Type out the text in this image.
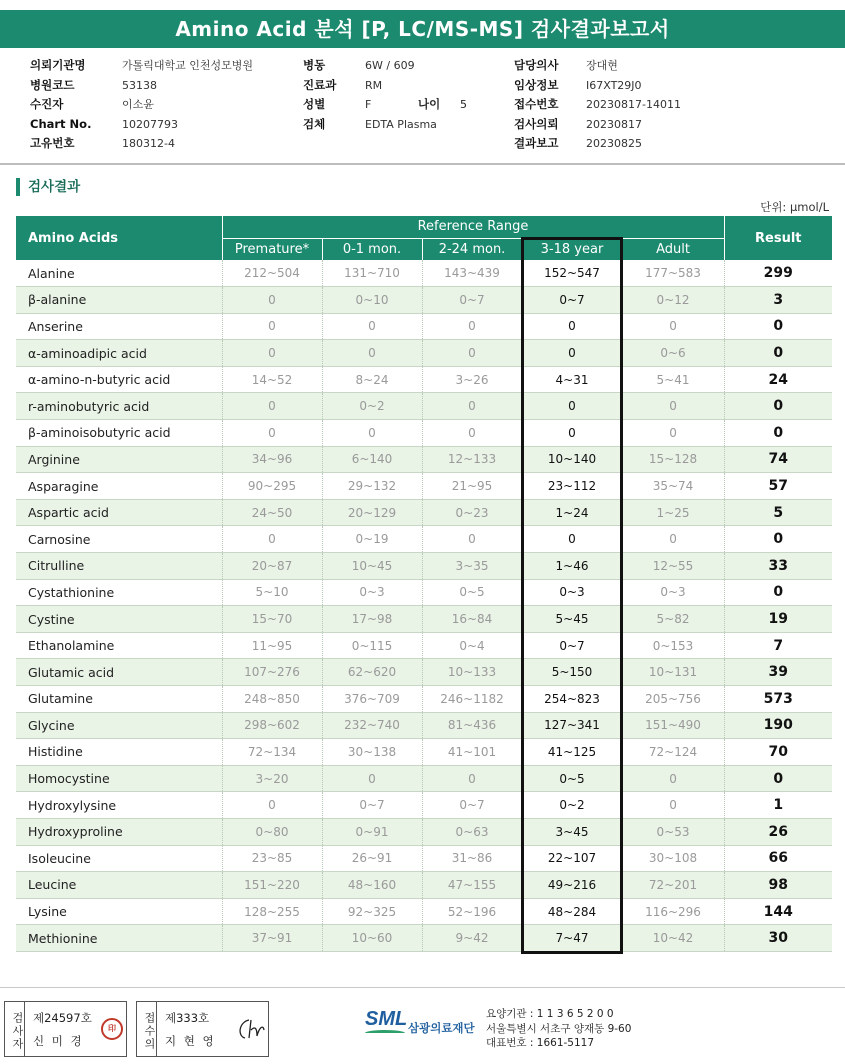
Amino Acid 분석 [P, LC/MS-MS] 검사결과보고서
의뢰기관명	가톨릭대학교 인천성모병원
병원코드	53138
수진자	이소윤
Chart No.	10207793
고유번호	180312-4
병동	6W / 609
진료과	RM
성별	F
검체	EDTA Plasma
나이 5
담당의사	장대현
임상정보	I67XT29J0
접수번호	20230817-14011
검사의뢰	20230817
결과보고	20230825
검사결과
단위: μmol/L
Amino Acids	Reference Range					Result
	Premature*	0-1 mon.	2-24 mon.	3-18 year	Adult	
Alanine	212~504	131~710	143~439	152~547	177~583	299
β-alanine	0	0~10	0~7	0~7	0~12	3
Anserine	0	0	0	0	0	0
α-aminoadipic acid	0	0	0	0	0~6	0
α-amino-n-butyric acid	14~52	8~24	3~26	4~31	5~41	24
r-aminobutyric acid	0	0~2	0	0	0	0
β-aminoisobutyric acid	0	0	0	0	0	0
Arginine	34~96	6~140	12~133	10~140	15~128	74
Asparagine	90~295	29~132	21~95	23~112	35~74	57
Aspartic acid	24~50	20~129	0~23	1~24	1~25	5
Carnosine	0	0~19	0	0	0	0
Citrulline	20~87	10~45	3~35	1~46	12~55	33
Cystathionine	5~10	0~3	0~5	0~3	0~3	0
Cystine	15~70	17~98	16~84	5~45	5~82	19
Ethanolamine	11~95	0~115	0~4	0~7	0~153	7
Glutamic acid	107~276	62~620	10~133	5~150	10~131	39
Glutamine	248~850	376~709	246~1182	254~823	205~756	573
Glycine	298~602	232~740	81~436	127~341	151~490	190
Histidine	72~134	30~138	41~101	41~125	72~124	70
Homocystine	3~20	0	0	0~5	0	0
Hydroxylysine	0	0~7	0~7	0~2	0	1
Hydroxyproline	0~80	0~91	0~63	3~45	0~53	26
Isoleucine	23~85	26~91	31~86	22~107	30~108	66
Leucine	151~220	48~160	47~155	49~216	72~201	98
Lysine	128~255	92~325	52~196	48~284	116~296	144
Methionine	37~91	10~60	9~42	7~47	10~42	30
검사자 제24597호
신 미 경
印	접수의 제333호
지 현 영
SML 삼광의료재단
요양기관 : 1 1 3 6 5 2 0 0
서울특별시 서초구 양재동 9-60
대표번호 : 1661-5117
